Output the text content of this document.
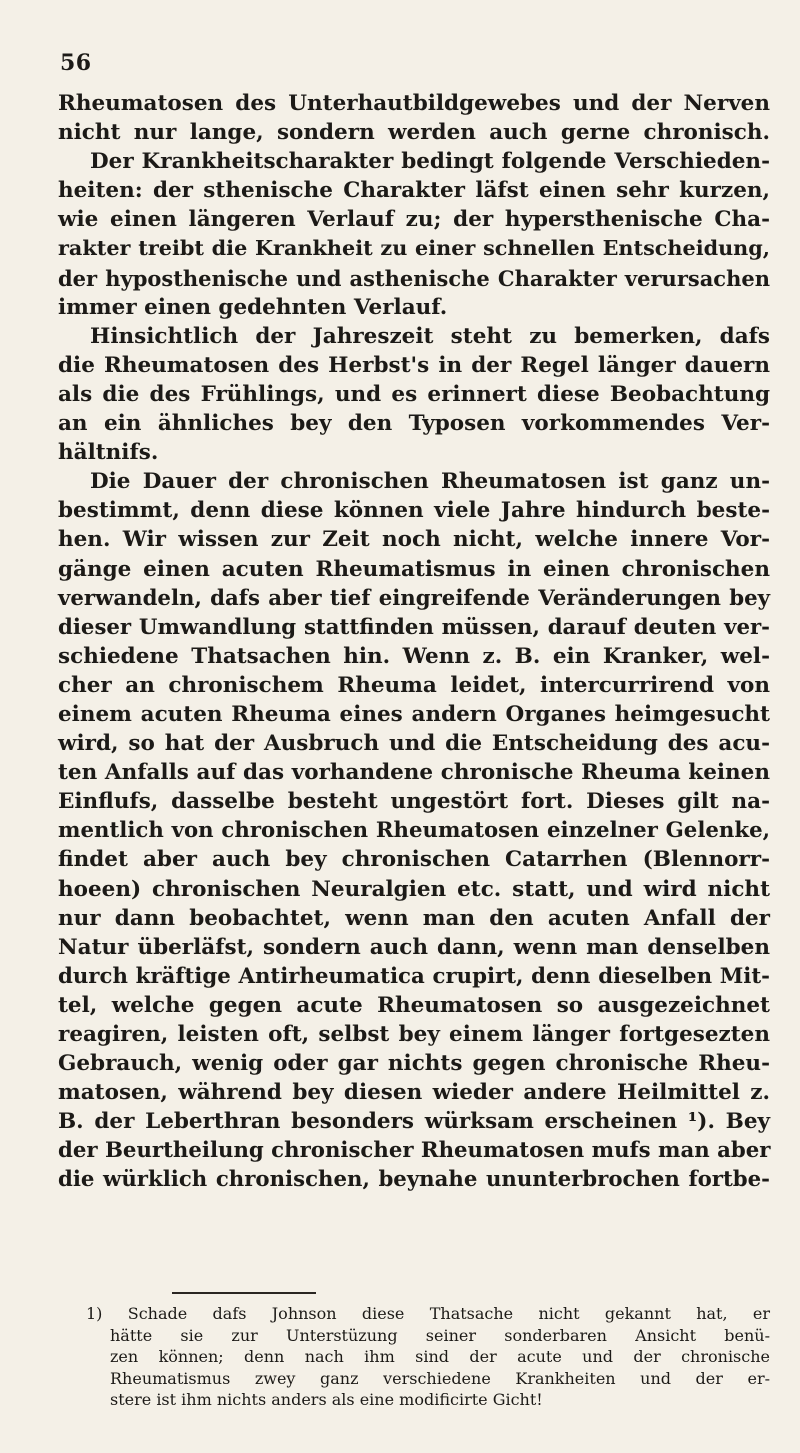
56
Rheumatosen des Unterhautbildgewebes und der Nerven
nicht nur lange, sondern werden auch gerne chronisch.
Der Krankheitscharakter bedingt folgende Verschieden-
heiten: der sthenische Charakter läfst einen sehr kurzen,
wie einen längeren Verlauf zu; der hypersthenische Cha-
rakter treibt die Krankheit zu einer schnellen Entscheidung,
der hyposthenische und asthenische Charakter verursachen
immer einen gedehnten Verlauf.
Hinsichtlich der Jahreszeit steht zu bemerken, dafs
die Rheumatosen des Herbst's in der Regel länger dauern
als die des Frühlings, und es erinnert diese Beobachtung
an ein ähnliches bey den Typosen vorkommendes Ver-
hältnifs.
Die Dauer der chronischen Rheumatosen ist ganz un-
bestimmt, denn diese können viele Jahre hindurch beste-
hen. Wir wissen zur Zeit noch nicht, welche innere Vor-
gänge einen acuten Rheumatismus in einen chronischen
verwandeln, dafs aber tief eingreifende Veränderungen bey
dieser Umwandlung stattfinden müssen, darauf deuten ver-
schiedene Thatsachen hin. Wenn z. B. ein Kranker, wel-
cher an chronischem Rheuma leidet, intercurrirend von
einem acuten Rheuma eines andern Organes heimgesucht
wird, so hat der Ausbruch und die Entscheidung des acu-
ten Anfalls auf das vorhandene chronische Rheuma keinen
Einflufs, dasselbe besteht ungestört fort. Dieses gilt na-
mentlich von chronischen Rheumatosen einzelner Gelenke,
findet aber auch bey chronischen Catarrhen (Blennorr-
hoeen) chronischen Neuralgien etc. statt, und wird nicht
nur dann beobachtet, wenn man den acuten Anfall der
Natur überläfst, sondern auch dann, wenn man denselben
durch kräftige Antirheumatica crupirt, denn dieselben Mit-
tel, welche gegen acute Rheumatosen so ausgezeichnet
reagiren, leisten oft, selbst bey einem länger fortgesezten
Gebrauch, wenig oder gar nichts gegen chronische Rheu-
matosen, während bey diesen wieder andere Heilmittel z.
B. der Leberthran besonders würksam erscheinen ¹). Bey
der Beurtheilung chronischer Rheumatosen mufs man aber
die würklich chronischen, beynahe ununterbrochen fortbe-
1) Schade dafs Johnson diese Thatsache nicht gekannt hat, er
hätte sie zur Unterstüzung seiner sonderbaren Ansicht benü-
zen können; denn nach ihm sind der acute und der chronische
Rheumatismus zwey ganz verschiedene Krankheiten und der er-
stere ist ihm nichts anders als eine modificirte Gicht!
